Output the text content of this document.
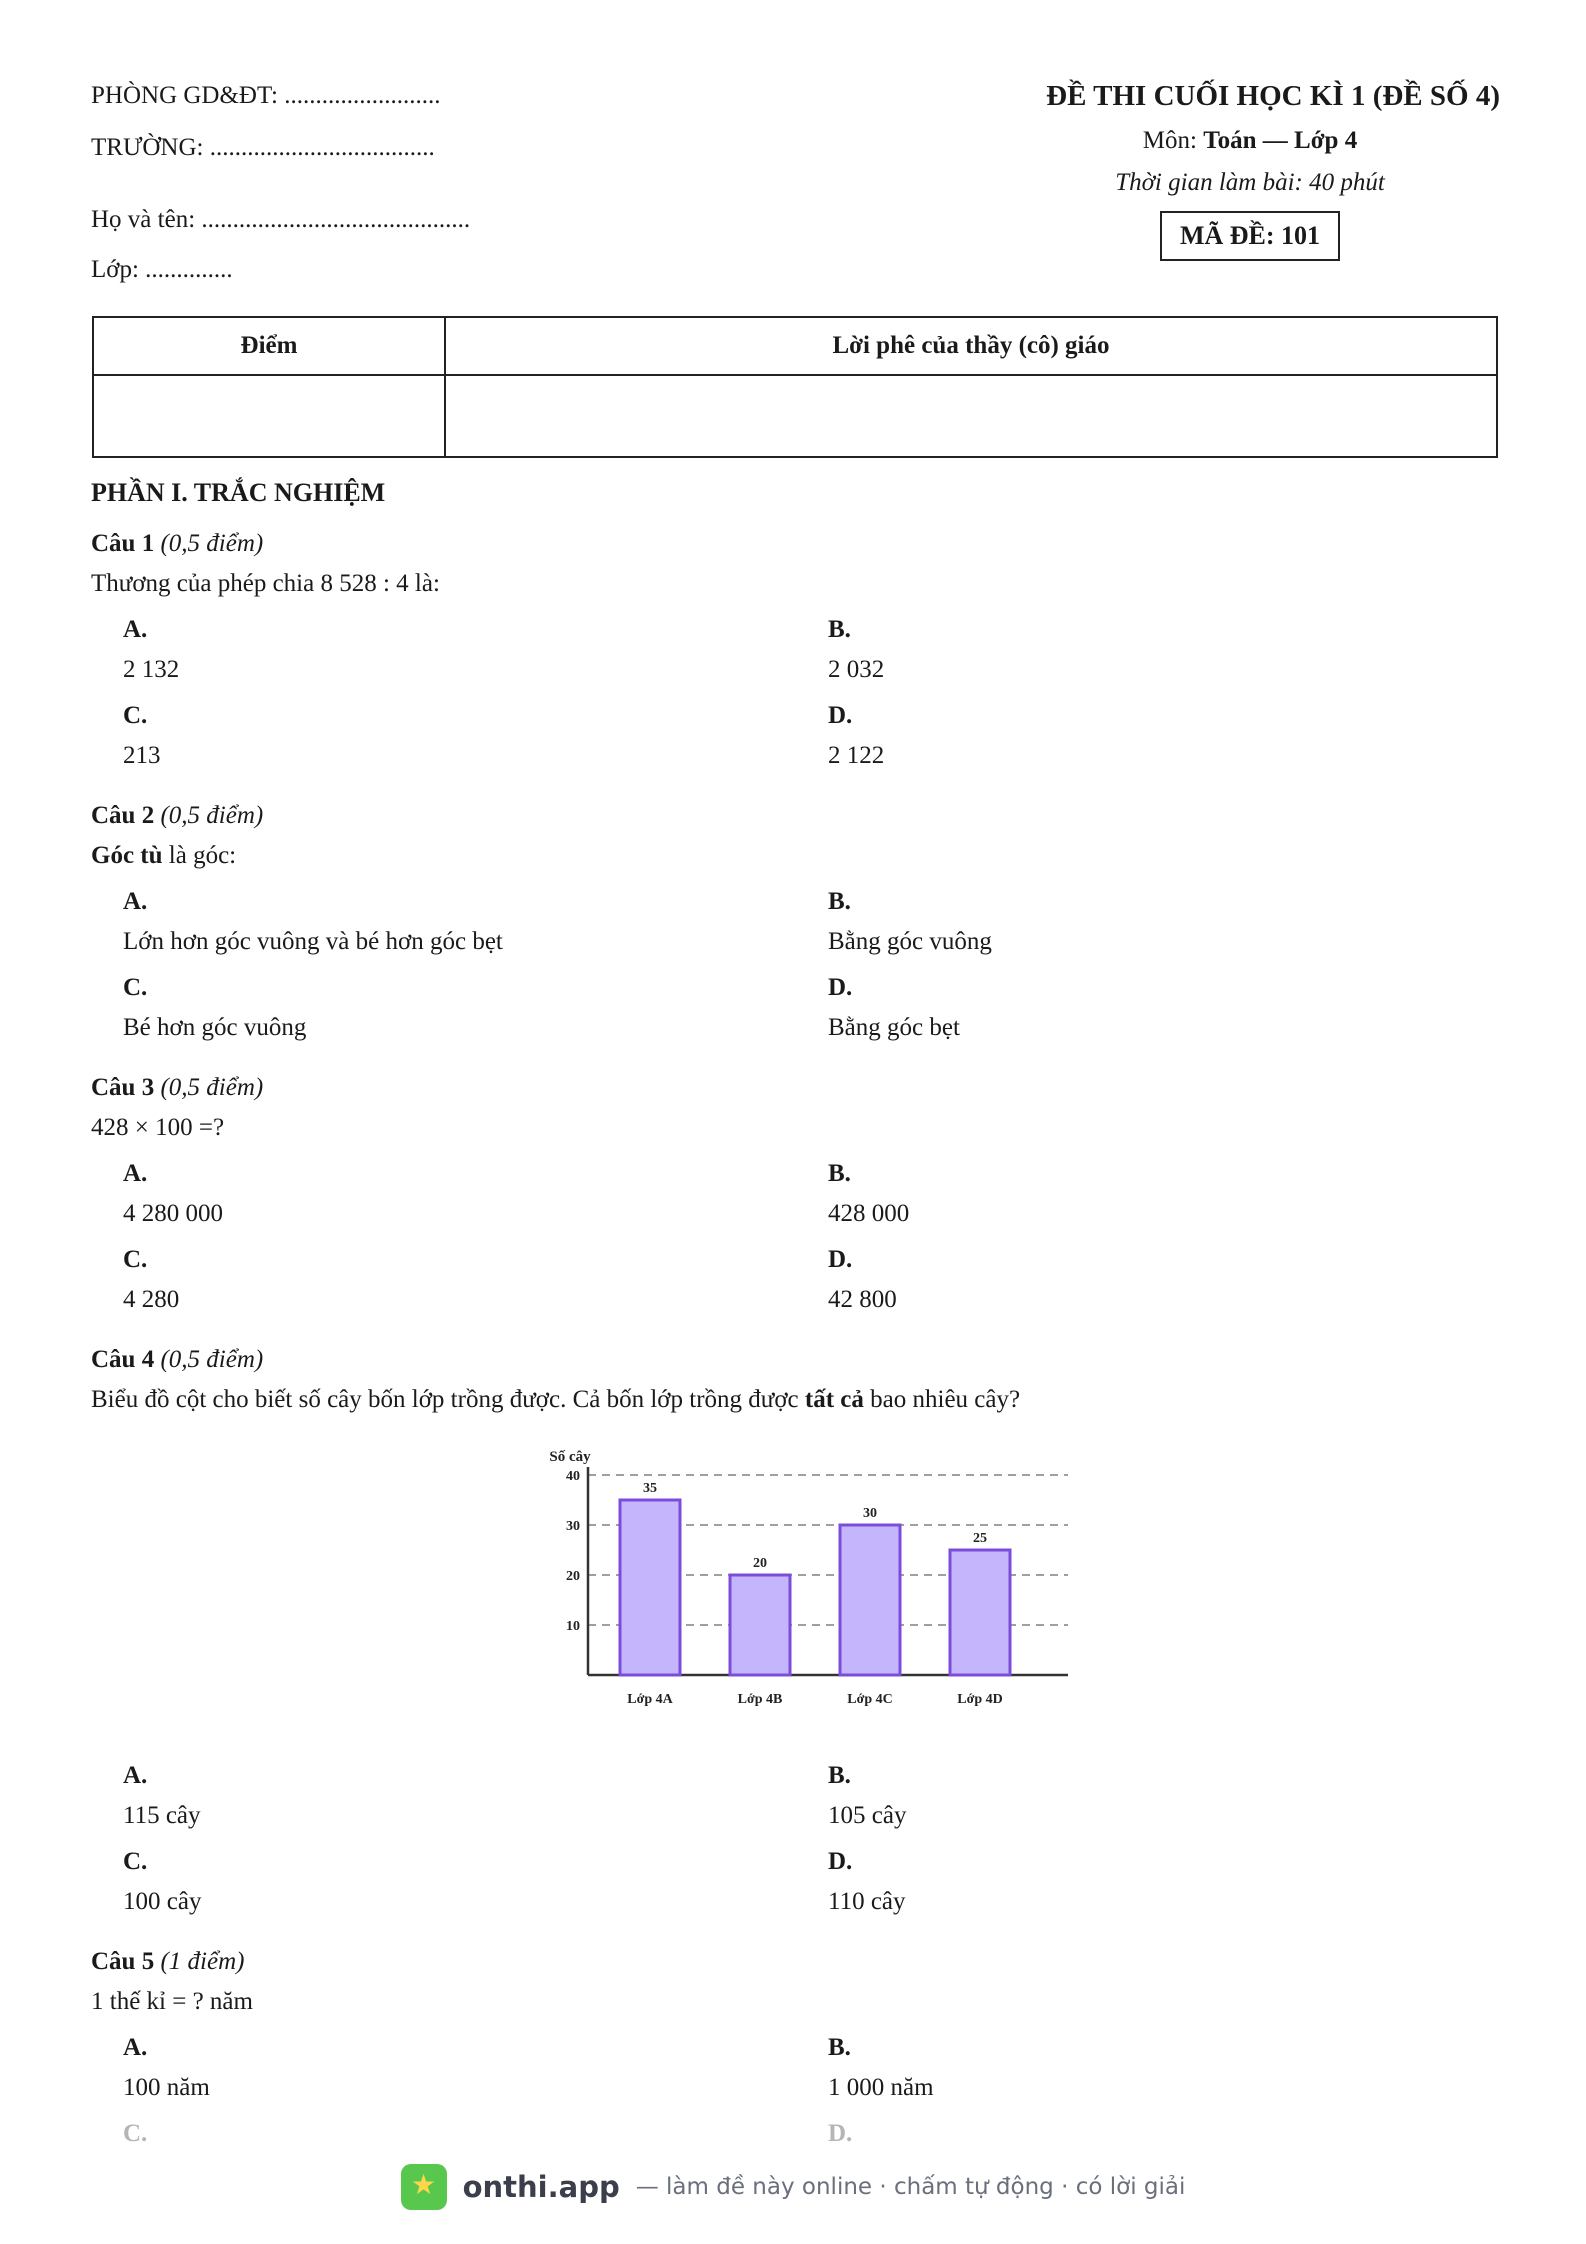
PHÒNG GD&ĐT: .........................
TRƯỜNG: ....................................
Họ và tên: ...........................................
Lớp: ..............
ĐỀ THI CUỐI HỌC KÌ 1 (ĐỀ SỐ 4)
Môn: Toán — Lớp 4
Thời gian làm bài: 40 phút
MÃ ĐỀ: 101
Điểm	Lời phê của thầy (cô) giáo

PHẦN I. TRẮC NGHIỆM
Câu 1 (0,5 điểm)
Thương của phép chia 8 528 : 4 là:
A.
2 132
B.
2 032
C.
213
D.
2 122
Câu 2 (0,5 điểm)
Góc tù là góc:
A.
Lớn hơn góc vuông và bé hơn góc bẹt
B.
Bằng góc vuông
C.
Bé hơn góc vuông
D.
Bằng góc bẹt
Câu 3 (0,5 điểm)
428 × 100 =?
A.
4 280 000
B.
428 000
C.
4 280
D.
42 800
Câu 4 (0,5 điểm)
Biểu đồ cột cho biết số cây bốn lớp trồng được. Cả bốn lớp trồng được tất cả bao nhiêu cây?
10
20
30
40
Số cây
35
Lớp 4A
20
Lớp 4B
30
Lớp 4C
25
Lớp 4D
A.
115 cây
B.
105 cây
C.
100 cây
D.
110 cây
Câu 5 (1 điểm)
1 thế kỉ = ? năm
A.
100 năm
B.
1 000 năm
C.	D.
★ onthi.app — làm đề này online · chấm tự động · có lời giải
